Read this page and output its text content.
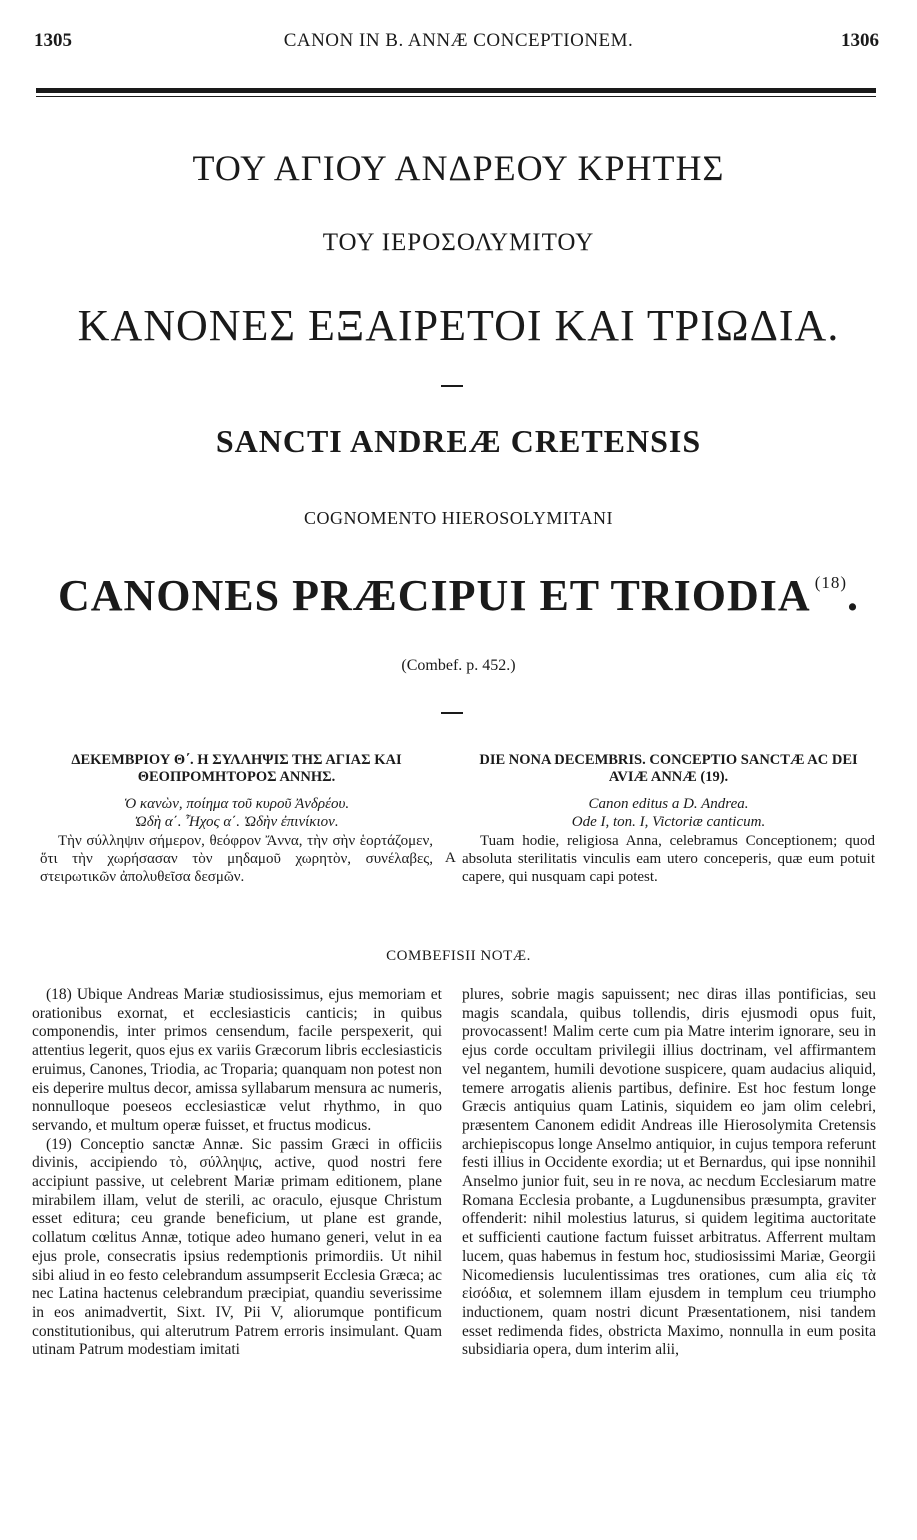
1305	CANON IN B. ANNÆ CONCEPTIONEM.	1306
ΤΟΥ ΑΓΙΟΥ ΑΝΔΡΕΟΥ ΚΡΗΤΗΣ
ΤΟΥ ΙΕΡΟΣΟΛΥΜΙΤΟΥ
ΚΑΝΟΝΕΣ ΕΞΑΙΡΕΤΟΙ ΚΑΙ ΤΡΙΩΔΙΑ.
SANCTI ANDREÆ CRETENSIS
COGNOMENTO HIEROSOLYMITANI
CANONES PRÆCIPUI ET TRIODIA $^{(18)}$.
(Combef. p. 452.)
ΔΕΚΕΜΒΡΙΟΥ Θ΄. Η ΣΥΛΛΗΨΙΣ ΤΗΣ ΑΓΙΑΣ ΚΑΙ ΘΕΟΠΡΟΜΗΤΟΡΟΣ ΑΝΝΗΣ.
Ὁ κανὼν, ποίημα τοῦ κυροῦ Ἀνδρέου.
Ὠδὴ α΄. Ἦχος α΄. Ὠδὴν ἐπινίκιον.
Τὴν σύλληψιν σήμερον, θεόφρον Ἄννα, τὴν σὴν ἑορτάζομεν, ὅτι τὴν χωρήσασαν τὸν μηδαμοῦ χωρητὸν, συνέλαβες, στειρωτικῶν ἀπολυθεῖσα δεσμῶν.
A
DIE NONA DECEMBRIS. CONCEPTIO SANCTÆ AC DEI AVIÆ ANNÆ (19).
Canon editus a D. Andrea.
Ode I, ton. I, Victoriæ canticum.
Tuam hodie, religiosa Anna, celebramus Conceptionem; quod absoluta sterilitatis vinculis eam utero conceperis, quæ eum potuit capere, qui nusquam capi potest.
COMBEFISII NOTÆ.

(18) Ubique Andreas Mariæ studiosissimus, ejus memoriam et orationibus exornat, et ecclesiasticis canticis; in quibus componendis, inter primos censendum, facile perspexerit, qui attentius legerit, quos ejus ex variis Græcorum libris ecclesiasticis eruimus, Canones, Triodia, ac Troparia; quanquam non potest non eis deperire multus decor, amissa syllabarum mensura ac numeris, nonnulloque poeseos ecclesiasticæ velut rhythmo, in quo servando, et multum operæ fuisset, et fructus modicus.

(19) Conceptio sanctæ Annæ. Sic passim Græci in officiis divinis, accipiendo τὸ, σύλληψις, active, quod nostri fere accipiunt passive, ut celebrent Mariæ primam editionem, plane mirabilem illam, velut de sterili, ac oraculo, ejusque Christum esset editura; ceu grande beneficium, ut plane est grande, collatum cœlitus Annæ, totique adeo humano generi, velut in ea ejus prole, consecratis ipsius redemptionis primordiis. Ut nihil sibi aliud in eo festo celebrandum assumpserit Ecclesia Græca; ac nec Latina hactenus celebrandum præcipiat, quandiu severissime in eos animadvertit, Sixt. IV, Pii V, aliorumque pontificum constitutionibus, qui alterutrum Patrem erroris insimulant. Quam utinam Patrum modestiam imitati

plures, sobrie magis sapuissent; nec diras illas pontificias, seu magis scandala, quibus tollendis, diris ejusmodi opus fuit, provocassent! Malim certe cum pia Matre interim ignorare, seu in ejus corde occultam privilegii illius doctrinam, vel affirmantem vel negantem, humili devotione suspicere, quam audacius aliquid, temere arrogatis alienis partibus, definire. Est hoc festum longe Græcis antiquius quam Latinis, siquidem eo jam olim celebri, præsentem Canonem edidit Andreas ille Hierosolymita Cretensis archiepiscopus longe Anselmo antiquior, in cujus tempora referunt festi illius in Occidente exordia; ut et Bernardus, qui ipse nonnihil Anselmo junior fuit, seu in re nova, ac necdum Ecclesiarum matre Romana Ecclesia probante, a Lugdunensibus præsumpta, graviter offenderit: nihil molestius laturus, si quidem legitima auctoritate et sufficienti cautione factum fuisset arbitratus. Afferrent multam lucem, quas habemus in festum hoc, studiosissimi Mariæ, Georgii Nicomediensis luculentissimas tres orationes, cum alia εἰς τὰ εἰσόδια, et solemnem illam ejusdem in templum ceu triumpho inductionem, quam nostri dicunt Præsentationem, nisi tandem esset redimenda fides, obstricta Maximo, nonnulla in eum posita subsidiaria opera, dum interim alii,
